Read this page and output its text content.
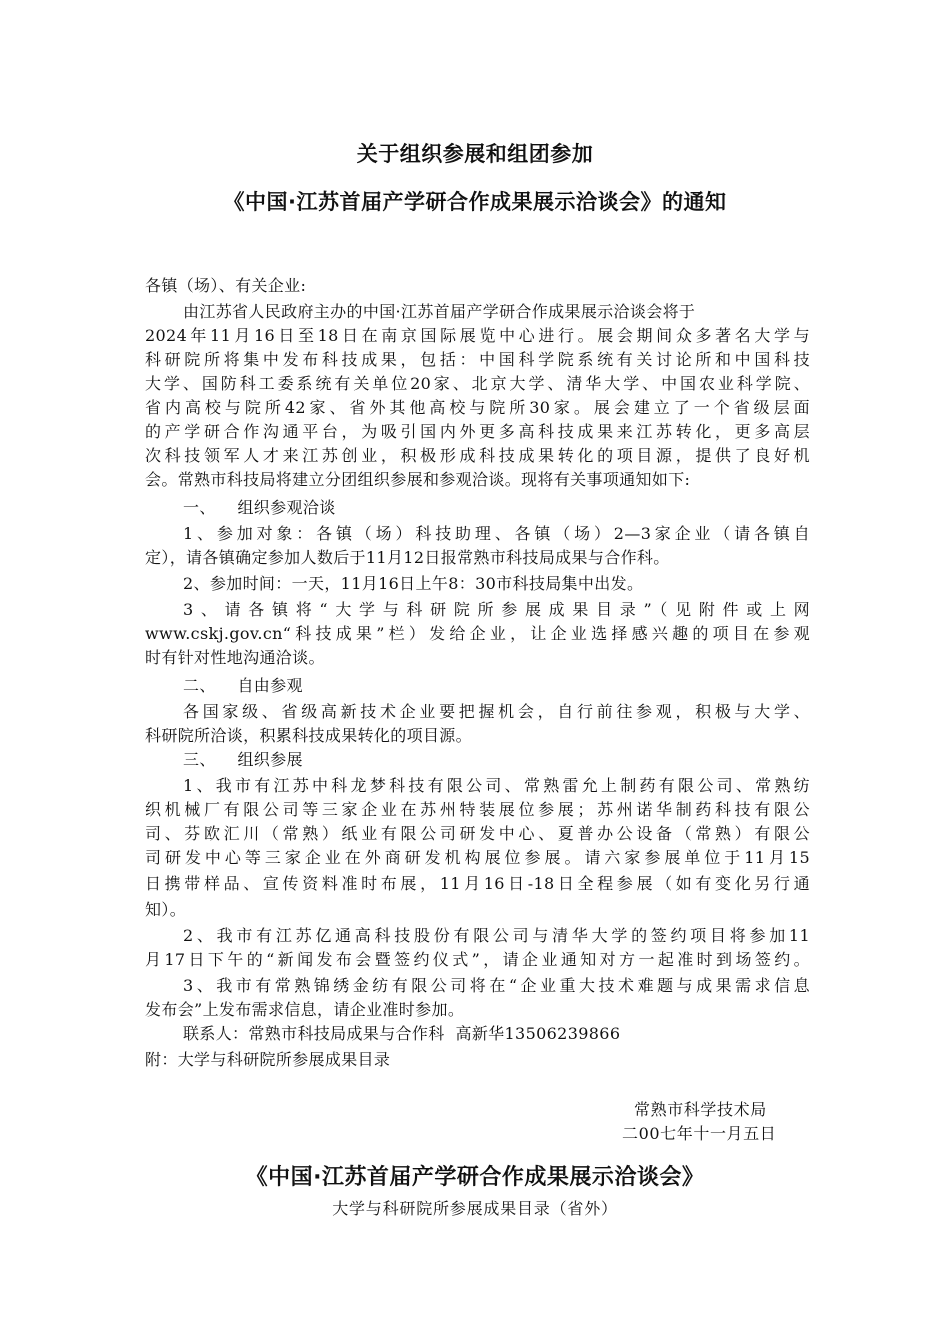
关于组织参展和组团参加
《中国·江苏首届产学研合作成果展示洽谈会》的通知
各镇（场）、有关企业:
由江苏省人民政府主办的中国·江苏首届产学研合作成果展示洽谈会将于
2024年11月16日至18日在南京国际展览中心进行。展会期间众多著名大学与
科研院所将集中发布科技成果，包括：中国科学院系统有关讨论所和中国科技
大学、国防科工委系统有关单位20家、北京大学、清华大学、中国农业科学院、
省内高校与院所42家、省外其他高校与院所30家。展会建立了一个省级层面
的产学研合作沟通平台，为吸引国内外更多高科技成果来江苏转化，更多高层
次科技领军人才来江苏创业，积极形成科技成果转化的项目源，提供了良好机
会。常熟市科技局将建立分团组织参展和参观洽谈。现将有关事项通知如下:
一、    组织参观洽谈
1、参加对象：各镇（场）科技助理、各镇（场）2—3家企业（请各镇自
定），请各镇确定参加人数后于11月12日报常熟市科技局成果与合作科。
2、参加时间：一天，11月16日上午8：30市科技局集中出发。
3、请各镇将“大学与科研院所参展成果目录”（见附件或上网
www.cskj.gov.cn“科技成果”栏）发给企业，让企业选择感兴趣的项目在参观
时有针对性地沟通洽谈。
二、    自由参观
各国家级、省级高新技术企业要把握机会，自行前往参观，积极与大学、
科研院所洽谈，积累科技成果转化的项目源。
三、    组织参展
1、我市有江苏中科龙梦科技有限公司、常熟雷允上制药有限公司、常熟纺
织机械厂有限公司等三家企业在苏州特装展位参展；苏州诺华制药科技有限公
司、芬欧汇川（常熟）纸业有限公司研发中心、夏普办公设备（常熟）有限公
司研发中心等三家企业在外商研发机构展位参展。请六家参展单位于11月15
日携带样品、宣传资料准时布展，11月16日-18日全程参展（如有变化另行通
知）。
2、我市有江苏亿通高科技股份有限公司与清华大学的签约项目将参加11
月17日下午的“新闻发布会暨签约仪式”，请企业通知对方一起准时到场签约。
3、我市有常熟锦绣金纺有限公司将在“企业重大技术难题与成果需求信息
发布会”上发布需求信息，请企业准时参加。
联系人：常熟市科技局成果与合作科  高新华13506239866
附：大学与科研院所参展成果目录
常熟市科学技术局
二00七年十一月五日
《中国·江苏首届产学研合作成果展示洽谈会》
大学与科研院所参展成果目录（省外）
